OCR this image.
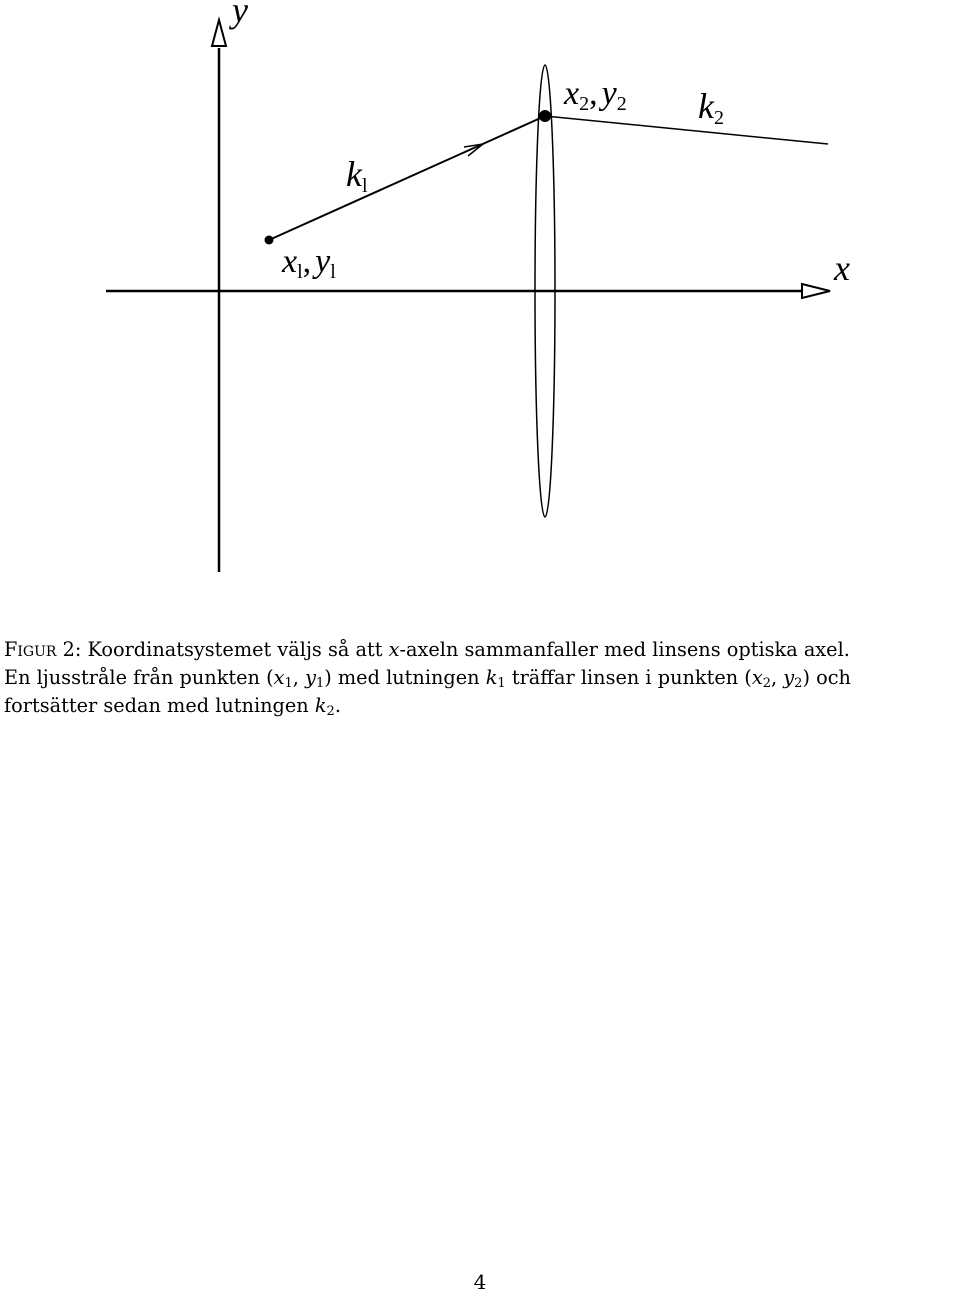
y
x
xl, yl
kl
x2, y2 k2
Figur 2: Koordinatsystemet väljs så att x-axeln sammanfaller med linsens optiska axel.
En ljusstråle från punkten ($x_1$, $y_1$) med lutningen $k_1$ träffar linsen i punkten ($x_2$, $y_2$) och
fortsätter sedan med lutningen $k_2$.
4
